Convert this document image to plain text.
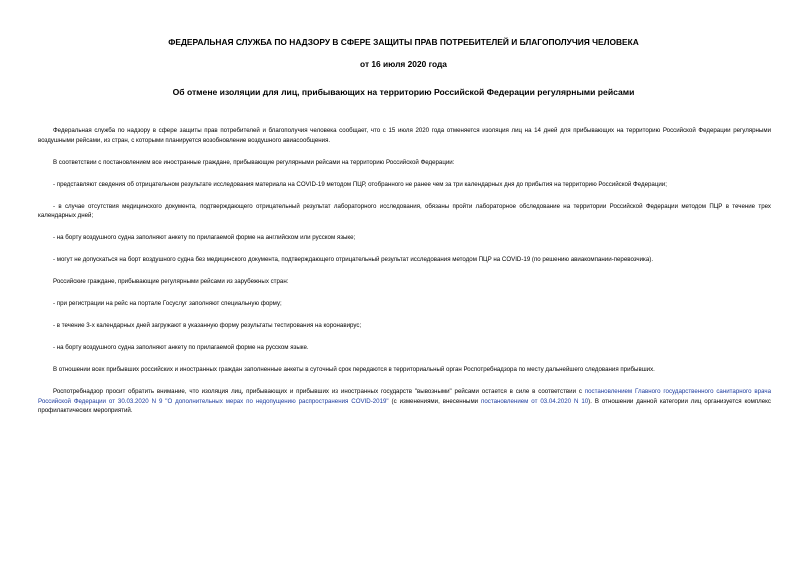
ФЕДЕРАЛЬНАЯ СЛУЖБА ПО НАДЗОРУ В СФЕРЕ ЗАЩИТЫ ПРАВ ПОТРЕБИТЕЛЕЙ И БЛАГОПОЛУЧИЯ ЧЕЛОВЕКА
от 16 июля 2020 года
Об отмене изоляции для лиц, прибывающих на территорию Российской Федерации регулярными рейсами

Федеральная служба по надзору в сфере защиты прав потребителей и благополучия человека сообщает, что с 15 июля 2020 года отменяется изоляция лиц на 14 дней для прибывающих на территорию Российской Федерации регулярными воздушными рейсами, из стран, с которыми планируется возобновление воздушного авиасообщения.

В соответствии с постановлением все иностранные граждане, прибывающие регулярными рейсами на территорию Российской Федерации:

- представляют сведения об отрицательном результате исследования материала на COVID-19 методом ПЦР, отобранного не ранее чем за три календарных дня до прибытия на территорию Российской Федерации;

- в случае отсутствия медицинского документа, подтверждающего отрицательный результат лабораторного исследования, обязаны пройти лабораторное обследование на территории Российской Федерации методом ПЦР в течение трех календарных дней;

- на борту воздушного судна заполняют анкету по прилагаемой форме на английском или русском языке;

- могут не допускаться на борт воздушного судна без медицинского документа, подтверждающего отрицательный результат исследования методом ПЦР на COVID-19 (по решению авиакомпании-перевозчика).

Российские граждане, прибывающие регулярными рейсами из зарубежных стран:

- при регистрации на рейс на портале Госуслуг заполняют специальную форму;

- в течение 3-х календарных дней загружают в указанную форму результаты тестирования на коронавирус;

- на борту воздушного судна заполняют анкету по прилагаемой форме на русском языке.

В отношении всех прибывших российских и иностранных граждан заполненные анкеты в суточный срок передаются в территориальный орган Роспотребнадзора по месту дальнейшего следования прибывших.

Роспотребнадзор просит обратить внимание, что изоляция лиц, прибывающих и прибывших из иностранных государств "вывозными" рейсами остается в силе в соответствии с постановлением Главного государственного санитарного врача Российской Федерации от 30.03.2020 N 9 "О дополнительных мерах по недопущению распространения COVID-2019" (с изменениями, внесенными постановлением от 03.04.2020 N 10). В отношении данной категории лиц организуется комплекс профилактических мероприятий.
